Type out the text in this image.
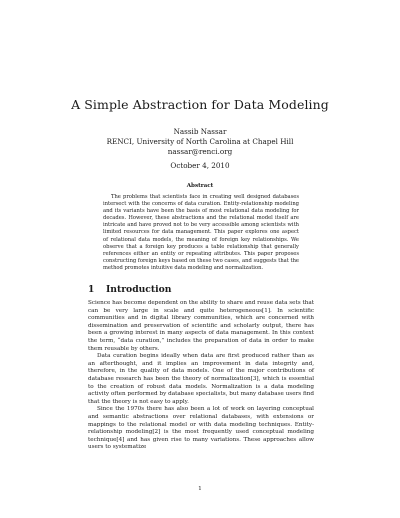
A Simple Abstraction for Data Modeling
Nassib Nassar
RENCI, University of North Carolina at Chapel Hill
nassar@renci.org
October 4, 2010
Abstract
The problems that scientists face in creating well designed databases intersect with the concerns of data curation. Entity-relationship modeling and its variants have been the basis of most relational data modeling for decades. However, these abstractions and the relational model itself are intricate and have proved not to be very accessible among scientists with limited resources for data management. This paper explores one aspect of relational data models, the meaning of foreign key relationships. We observe that a foreign key produces a table relationship that generally references either an entity or repeating attributes. This paper proposes constructing foreign keys based on these two cases, and suggests that the method promotes intuitive data modeling and normalization.
1 Introduction

Science has become dependent on the ability to share and reuse data sets that can be very large in scale and quite heterogeneous[1]. In scientific communities and in digital library communities, which are concerned with dissemination and preservation of scientific and scholarly output, there has been a growing interest in many aspects of data management. In this context the term, “data curation,” includes the preparation of data in order to make them reusable by others.

Data curation begins ideally when data are first produced rather than as an afterthought, and it implies an improvement in data integrity and, therefore, in the quality of data models. One of the major contributions of database research has been the theory of normalization[3], which is essential to the creation of robust data models. Normalization is a data modeling activity often performed by database specialists, but many database users find that the theory is not easy to apply.

Since the 1970s there has also been a lot of work on layering conceptual and semantic abstractions over relational databases, with extensions or mappings to the relational model or with data modeling techniques. Entity-relationship modeling[2] is the most frequently used conceptual modeling technique[4] and has given rise to many variations. These approaches allow users to systematize

1
